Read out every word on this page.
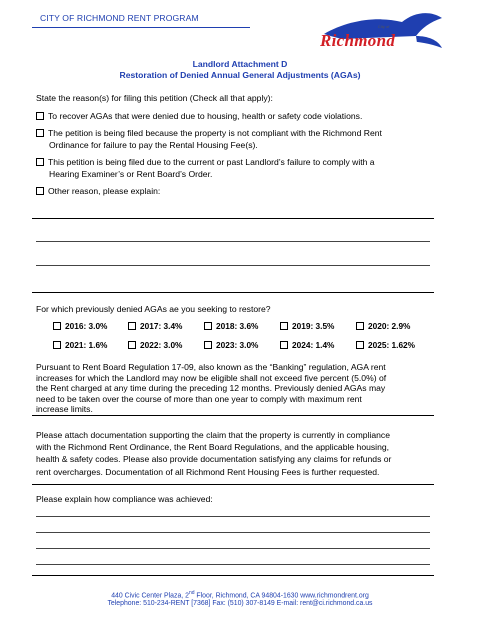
CITY OF RICHMOND RENT PROGRAM
City of
Richmond
Landlord Attachment D
Restoration of Denied Annual General Adjustments (AGAs)
State the reason(s) for filing this petition (Check all that apply):
To recover AGAs that were denied due to housing, health or safety code violations.
The petition is being filed because the property is not compliant with the Richmond Rent
Ordinance for failure to pay the Rental Housing Fee(s).
This petition is being filed due to the current or past Landlord’s failure to comply with a
Hearing Examiner’s or Rent Board’s Order.
Other reason, please explain:
For which previously denied AGAs ae you seeking to restore?
2016: 3.0%	2017: 3.4%	2018: 3.6%	2019: 3.5%	2020: 2.9%
2021: 1.6%	2022: 3.0%	2023: 3.0%	2024: 1.4%	2025: 1.62%
Pursuant to Rent Board Regulation 17-09, also known as the “Banking” regulation, AGA rent
increases for which the Landlord may now be eligible shall not exceed five percent (5.0%) of
the Rent charged at any time during the preceding 12 months. Previously denied AGAs may
need to be taken over the course of more than one year to comply with maximum rent
increase limits.
Please attach documentation supporting the claim that the property is currently in compliance
with the Richmond Rent Ordinance, the Rent Board Regulations, and the applicable housing,
health & safety codes. Please also provide documentation satisfying any claims for refunds or
rent overcharges. Documentation of all Richmond Rent Housing Fees is further requested.
Please explain how compliance was achieved:
440 Civic Center Plaza, 2nd Floor, Richmond, CA 94804-1630 www.richmondrent.org
Telephone: 510-234-RENT [7368] Fax: (510) 307-8149 E-mail: rent@ci.richmond.ca.us
